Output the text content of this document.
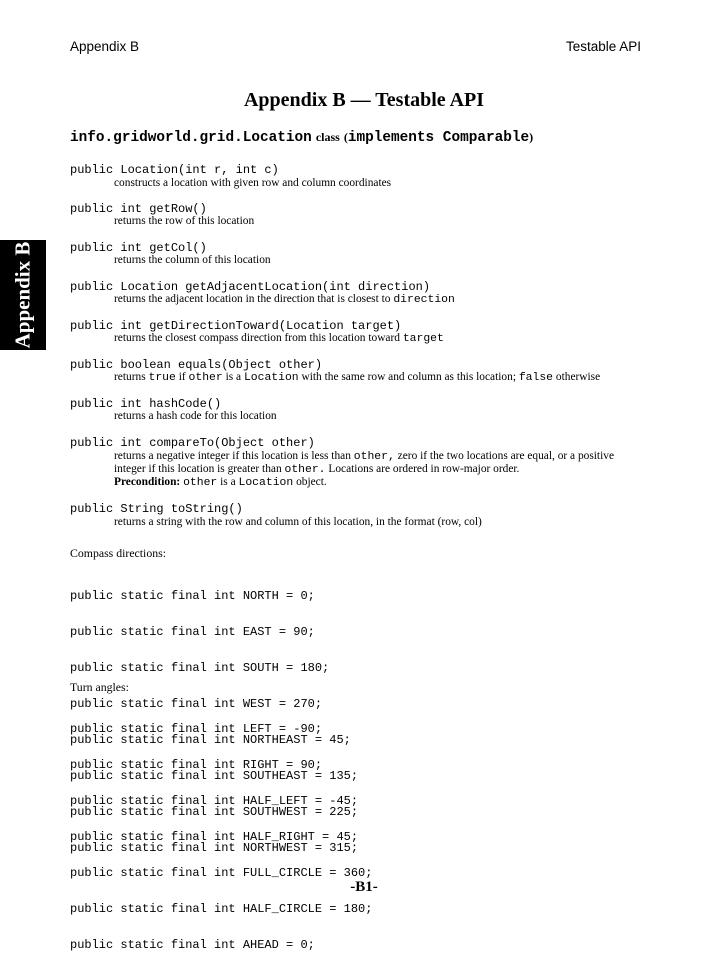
Appendix B	Testable API
Appendix B
Appendix B — Testable API
info.gridworld.grid.Location class (implements Comparable)
public Location(int r, int c)
constructs a location with given row and column coordinates
public int getRow()
returns the row of this location
public int getCol()
returns the column of this location
public Location getAdjacentLocation(int direction)
returns the adjacent location in the direction that is closest to direction
public int getDirectionToward(Location target)
returns the closest compass direction from this location toward target
public boolean equals(Object other)
returns true if other is a Location with the same row and column as this location; false otherwise
public int hashCode()
returns a hash code for this location
public int compareTo(Object other)
returns a negative integer if this location is less than other, zero if the two locations are equal, or a positive
integer if this location is greater than other. Locations are ordered in row-major order.
Precondition: other is a Location object.
public String toString()
returns a string with the row and column of this location, in the format (row, col)
Compass directions:

public static final int NORTH = 0;

public static final int EAST = 90;

public static final int SOUTH = 180;

public static final int WEST = 270;

public static final int NORTHEAST = 45;

public static final int SOUTHEAST = 135;

public static final int SOUTHWEST = 225;

public static final int NORTHWEST = 315;

Turn angles:

public static final int LEFT = -90;

public static final int RIGHT = 90;

public static final int HALF_LEFT = -45;

public static final int HALF_RIGHT = 45;

public static final int FULL_CIRCLE = 360;

public static final int HALF_CIRCLE = 180;

public static final int AHEAD = 0;

-B1-
